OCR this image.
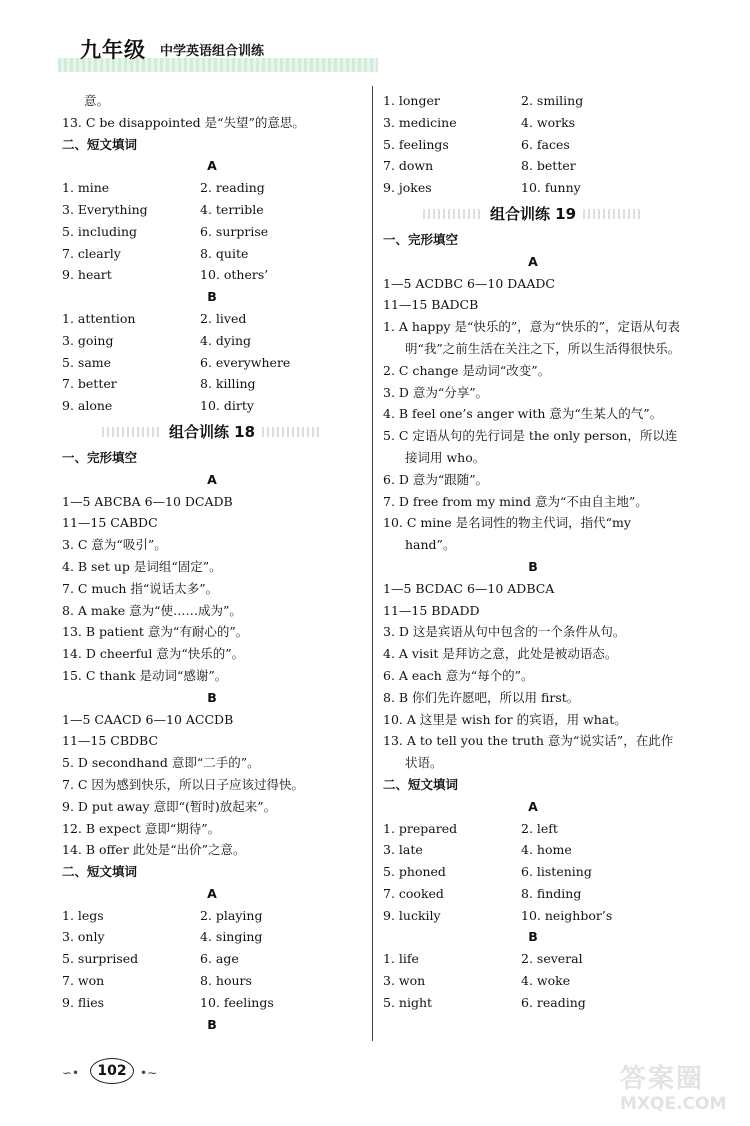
九年级 中学英语组合训练
意。
13. C be disappointed 是“失望”的意思。
二、短文填词
A
1. mine	2. reading
3. Everything	4. terrible
5. including	6. surprise
7. clearly	8. quite
9. heart	10. others’
B
1. attention	2. lived
3. going	4. dying
5. same	6. everywhere
7. better	8. killing
9. alone	10. dirty
组合训练 18
一、完形填空
A
1—5 ABCBA 6—10 DCADB
11—15 CABDC
3. C 意为“吸引”。
4. B set up 是词组“固定”。
7. C much 指“说话太多”。
8. A make 意为“使……成为”。
13. B patient 意为“有耐心的”。
14. D cheerful 意为“快乐的”。
15. C thank 是动词“感谢”。
B
1—5 CAACD 6—10 ACCDB
11—15 CBDBC
5. D secondhand 意即“二手的”。
7. C 因为感到快乐，所以日子应该过得快。
9. D put away 意即“(暂时)放起来”。
12. B expect 意即“期待”。
14. B offer 此处是“出价”之意。
二、短文填词
A
1. legs	2. playing
3. only	4. singing
5. surprised	6. age
7. won	8. hours
9. flies	10. feelings
B
1. longer	2. smiling
3. medicine	4. works
5. feelings	6. faces
7. down	8. better
9. jokes	10. funny
组合训练 19
一、完形填空
A
1—5 ACDBC 6—10 DAADC
11—15 BADCB
1. A happy 是“快乐的”，意为“快乐的”，定语从句表明“我”之前生活在关注之下，所以生活得很快乐。
2. C change 是动词“改变”。
3. D 意为“分享”。
4. B feel one’s anger with 意为“生某人的气”。
5. C 定语从句的先行词是 the only person，所以连接词用 who。
6. D 意为“跟随”。
7. D free from my mind 意为“不由自主地”。
10. C mine 是名词性的物主代词，指代“my hand”。
B
1—5 BCDAC 6—10 ADBCA
11—15 BDADD
3. D 这是宾语从句中包含的一个条件从句。
4. A visit 是拜访之意，此处是被动语态。
6. A each 意为“每个的”。
8. B 你们先许愿吧，所以用 first。
10. A 这里是 wish for 的宾语，用 what。
13. A to tell you the truth 意为“说实话”，在此作状语。
二、短文填词
A
1. prepared	2. left
3. late	4. home
5. phoned	6. listening
7. cooked	8. finding
9. luckily	10. neighbor’s
B
1. life	2. several
3. won	4. woke
5. night	6. reading
∽•	102	•∼	答案圈
MXQE.COM
